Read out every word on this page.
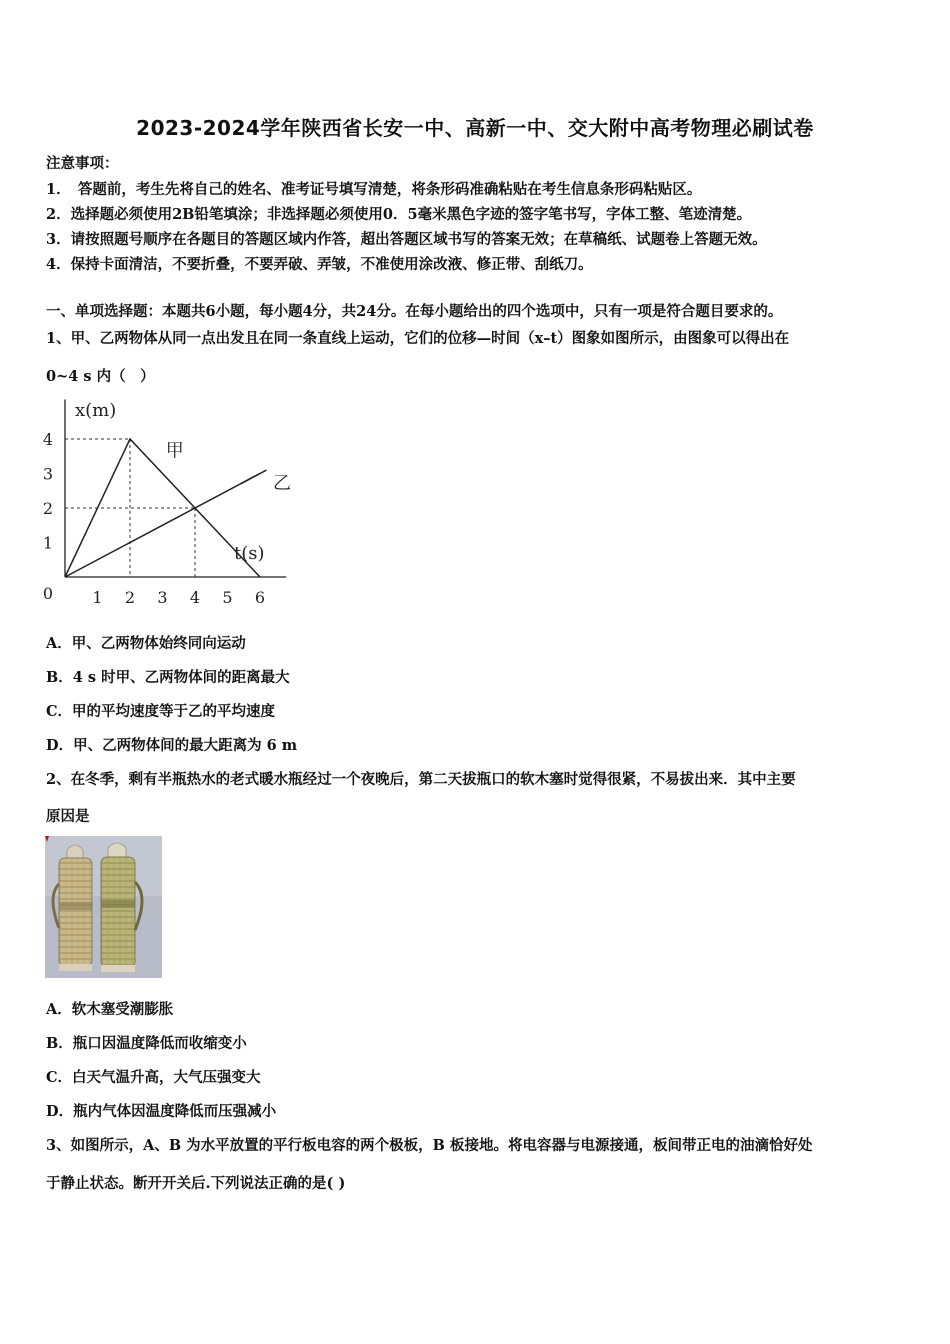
2023-2024学年陕西省长安一中、高新一中、交大附中高考物理必刷试卷
注意事项：
1．　答题前，考生先将自己的姓名、准考证号填写清楚，将条形码准确粘贴在考生信息条形码粘贴区。
2．选择题必须使用2B铅笔填涂；非选择题必须使用0．5毫米黑色字迹的签字笔书写，字体工整、笔迹清楚。
3．请按照题号顺序在各题目的答题区域内作答，超出答题区域书写的答案无效；在草稿纸、试题卷上答题无效。
4．保持卡面清洁，不要折叠，不要弄破、弄皱，不准使用涂改液、修正带、刮纸刀。
一、单项选择题：本题共6小题，每小题4分，共24分。在每小题给出的四个选项中，只有一项是符合题目要求的。
1、甲、乙两物体从同一点出发且在同一条直线上运动，它们的位移—时间（x–t）图象如图所示，由图象可以得出在
0~4 s 内（　）
1 2 3 4 5 6
1
2
3
4
0
x(m)
t(s)
甲
乙
A．甲、乙两物体始终同向运动
B．4 s 时甲、乙两物体间的距离最大
C．甲的平均速度等于乙的平均速度
D．甲、乙两物体间的最大距离为 6 m
2、在冬季，剩有半瓶热水的老式暖水瓶经过一个夜晚后，第二天拔瓶口的软木塞时觉得很紧，不易拔出来．其中主要
原因是
A．软木塞受潮膨胀
B．瓶口因温度降低而收缩变小
C．白天气温升高，大气压强变大
D．瓶内气体因温度降低而压强减小
3、如图所示，A、B 为水平放置的平行板电容的两个极板，B 板接地。将电容器与电源接通，板间带正电的油滴恰好处
于静止状态。断开开关后.下列说法正确的是( )
